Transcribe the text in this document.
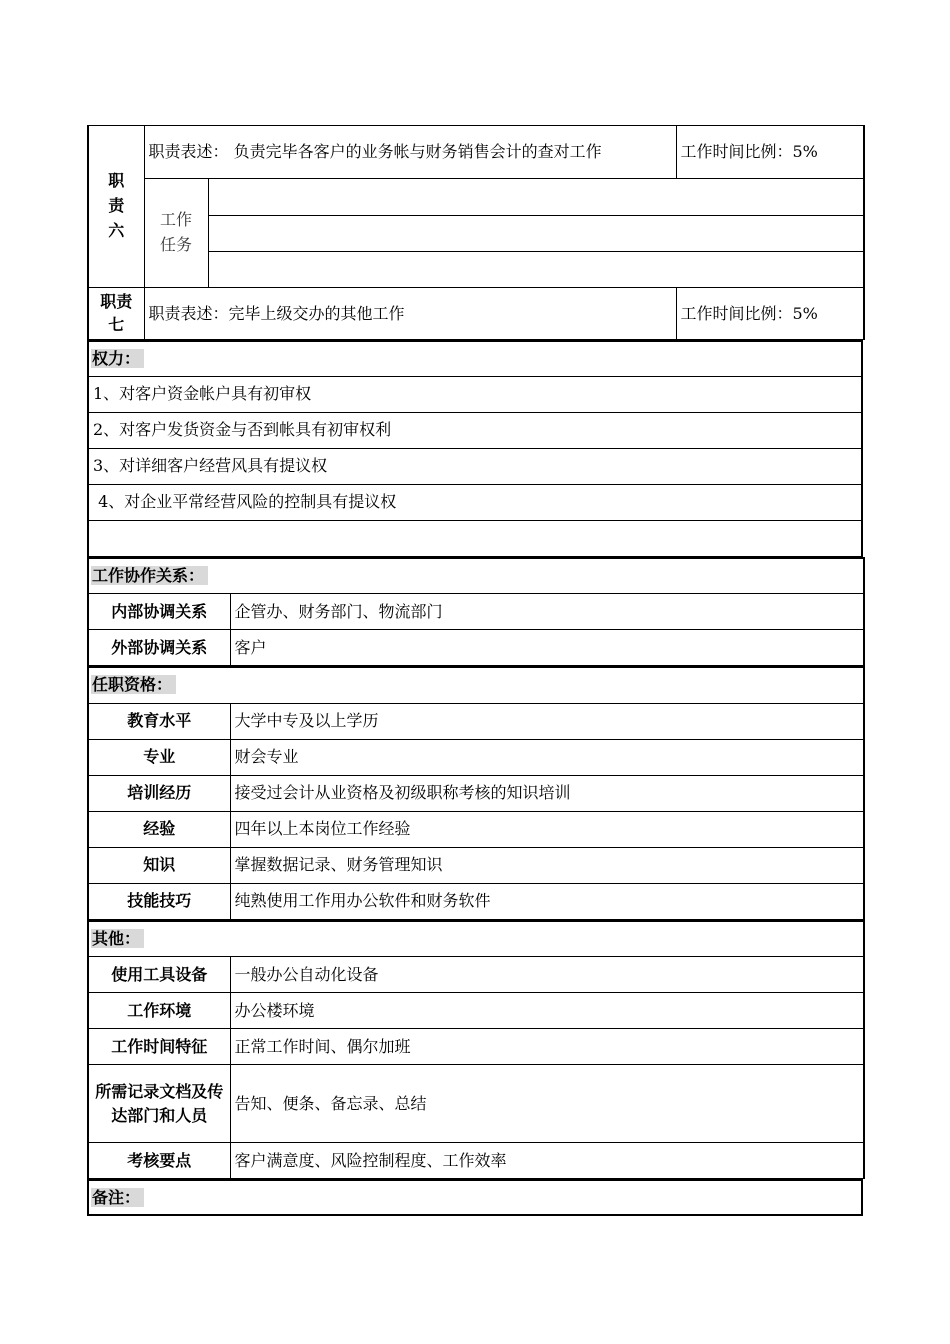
职
责
六	职责表述： 负责完毕各客户的业务帐与财务销售会计的查对工作	工作时间比例：5%
工作
任务	

职责
七	职责表述：完毕上级交办的其他工作	工作时间比例：5%
权力：
1、对客户资金帐户具有初审权
2、对客户发货资金与否到帐具有初审权利
3、对详细客户经营风具有提议权
4、对企业平常经营风险的控制具有提议权

工作协作关系：	
内部协调关系	企管办、财务部门、物流部门
外部协调关系	客户
任职资格：	
教育水平	大学中专及以上学历
专业	财会专业
培训经历	接受过会计从业资格及初级职称考核的知识培训
经验	四年以上本岗位工作经验
知识	掌握数据记录、财务管理知识
技能技巧	纯熟使用工作用办公软件和财务软件
其他：	
使用工具设备	一般办公自动化设备
工作环境	办公楼环境
工作时间特征	正常工作时间、偶尔加班
所需记录文档及传达部门和人员	告知、便条、备忘录、总结
考核要点	客户满意度、风险控制程度、工作效率
备注：
